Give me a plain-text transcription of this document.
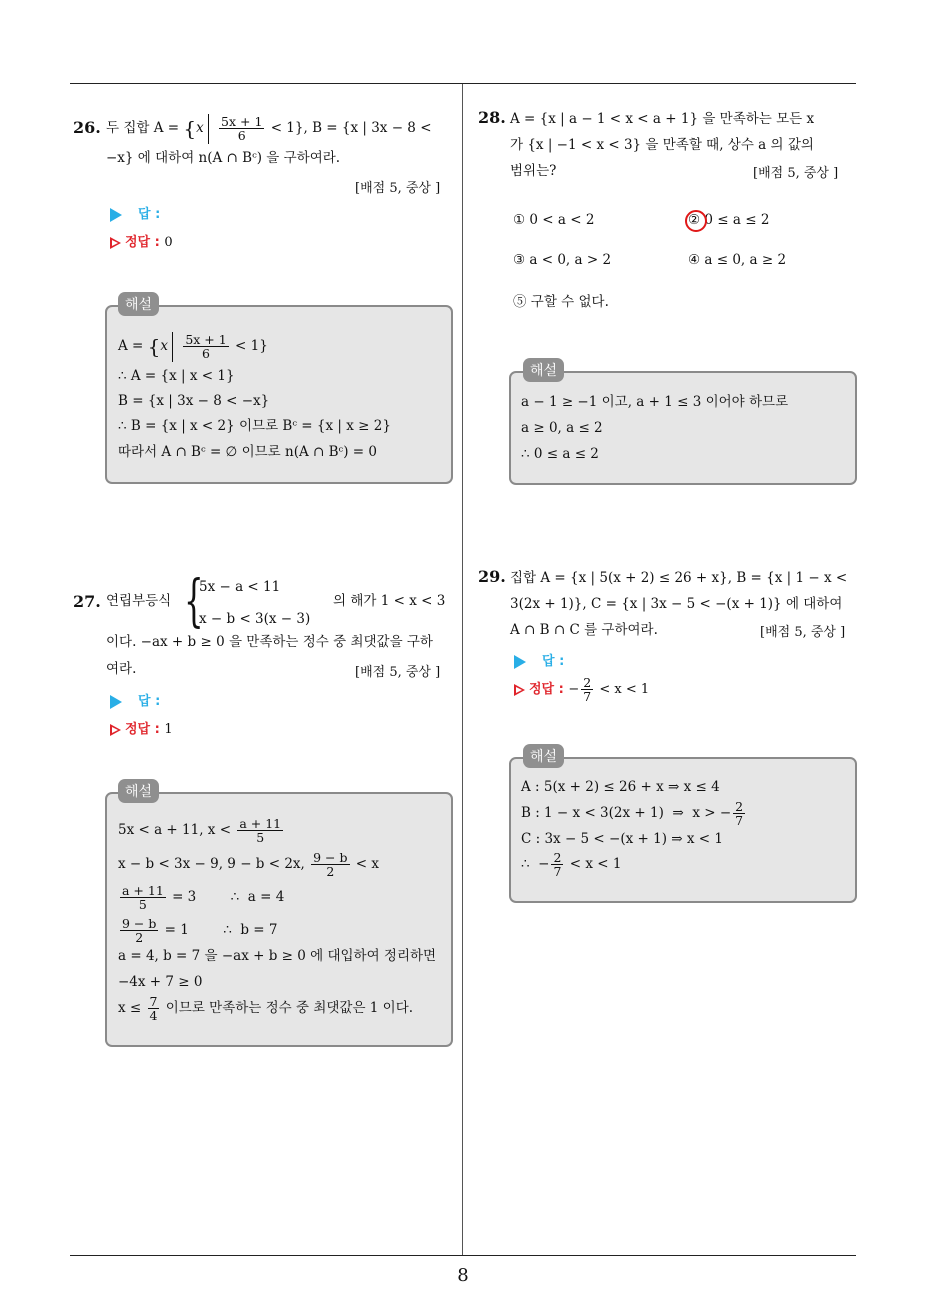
26. 두 집합 $A = \{x \frac{5x + 1}{6} < 1\}$, B = {x | 3x − 8 <
−x} 에 대하여 n(A ∩ Bᶜ) 을 구하여라.
[배점 5, 중상 ]
답 :
정답 : 0
해설
$A = \{x \frac{5x + 1}{6} < 1\}$
∴ A = {x | x < 1}
B = {x | 3x − 8 < −x}
∴ B = {x | x < 2} 이므로 Bᶜ = {x | x ≥ 2}
따라서 A ∩ Bᶜ = ∅ 이므로 n(A ∩ Bᶜ) = 0
27. 연립부등식 {
5x − a < 11
x − b < 3(x − 3)
의 해가 1 < x < 3
이다. −ax + b ≥ 0 을 만족하는 정수 중 최댓값을 구하
여라.	[배점 5, 중상 ]
답 :
정답 : 1
해설
5x < a + 11, $x < \frac{a + 11}{5}$
x − b < 3x − 9, 9 − b < 2x, $\frac{9 - b}{2} < x$
$\frac{a + 11}{5} = 3$        ∴  a = 4
$\frac{9 - b}{2} = 1$        ∴  b = 7
a = 4, b = 7 을 −ax + b ≥ 0 에 대입하여 정리하면
−4x + 7 ≥ 0
$x \le \frac{7}{4}$ 이므로 만족하는 정수 중 최댓값은 1 이다.
28. A = {x | a − 1 < x < a + 1} 을 만족하는 모든 x
가 {x | −1 < x < 3} 을 만족할 때, 상수 a 의 값의
범위는?	[배점 5, 중상 ]
① 0 < a < 2	② 0 ≤ a ≤ 2
③ a < 0, a > 2	④ a ≤ 0, a ≥ 2
⑤ 구할 수 없다.
해설
a − 1 ≥ −1 이고, a + 1 ≤ 3 이어야 하므로
a ≥ 0, a ≤ 2
∴ 0 ≤ a ≤ 2
29. 집합 A = {x | 5(x + 2) ≤ 26 + x}, B = {x | 1 − x <
3(2x + 1)}, C = {x | 3x − 5 < −(x + 1)} 에 대하여
A ∩ B ∩ C 를 구하여라.	[배점 5, 중상 ]
답 :
정답 : − $\frac{2}{7} < x < 1$
해설
A : 5(x + 2) ≤ 26 + x ⇒ x ≤ 4
B : 1 − x < 3(2x + 1)  ⇒  x > − $\frac{2}{7}$
C : 3x − 5 < −(x + 1) ⇒ x < 1
∴  − $\frac{2}{7} < x < 1$
8
